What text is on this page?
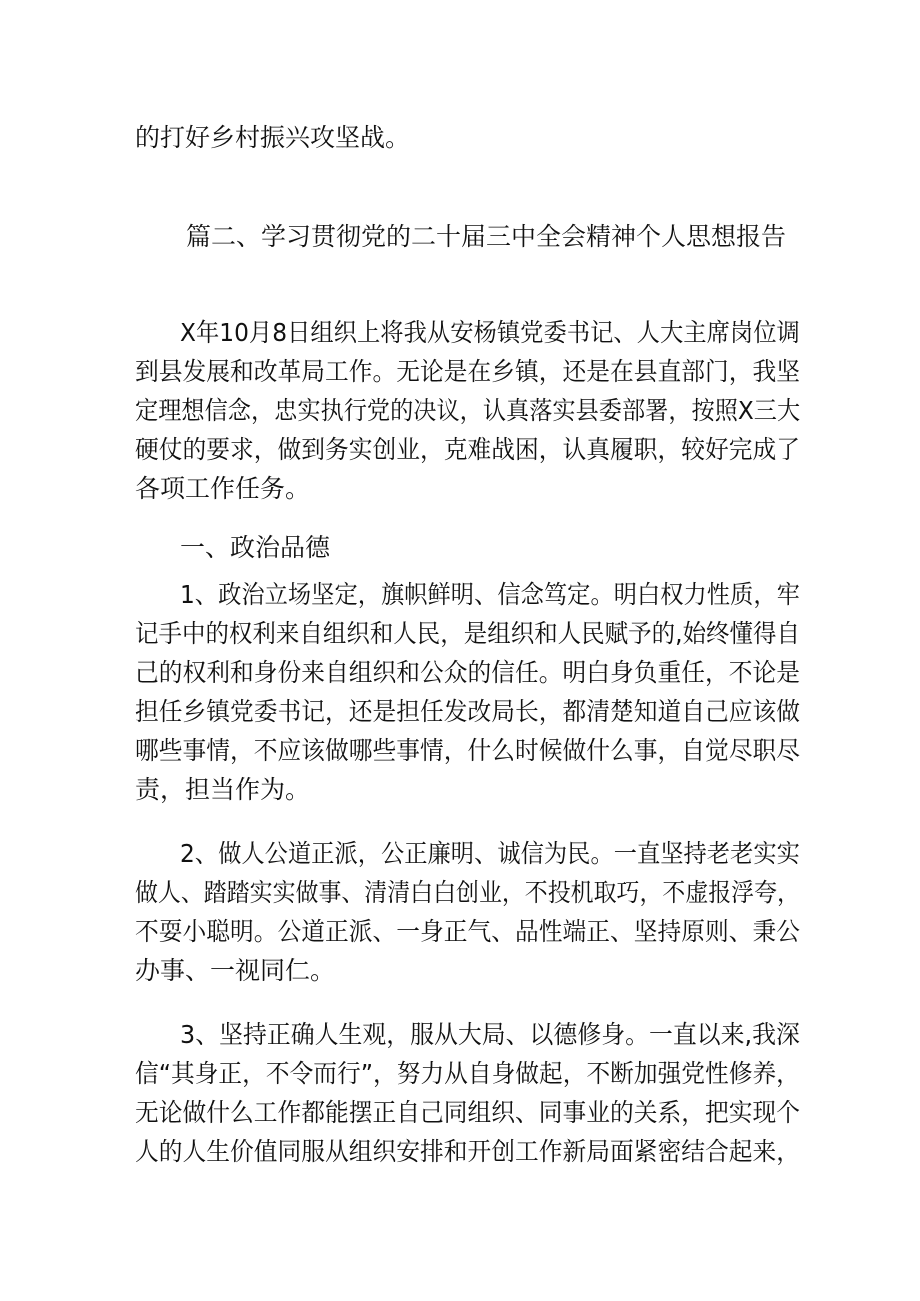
的打好乡村振兴攻坚战。
篇二、学习贯彻党的二十届三中全会精神个人思想报告
X年10月8日组织上将我从安杨镇党委书记、人大主席岗位调
到县发展和改革局工作。无论是在乡镇，还是在县直部门，我坚
定理想信念，忠实执行党的决议，认真落实县委部署，按照X三大
硬仗的要求，做到务实创业，克难战困，认真履职，较好完成了
各项工作任务。
一、政治品德
1、政治立场坚定，旗帜鲜明、信念笃定。明白权力性质，牢
记手中的权利来自组织和人民，是组织和人民赋予的,始终懂得自
己的权利和身份来自组织和公众的信任。明白身负重任，不论是
担任乡镇党委书记，还是担任发改局长，都清楚知道自己应该做
哪些事情，不应该做哪些事情，什么时候做什么事，自觉尽职尽
责，担当作为。
2、做人公道正派，公正廉明、诚信为民。一直坚持老老实实
做人、踏踏实实做事、清清白白创业，不投机取巧，不虚报浮夸，
不耍小聪明。公道正派、一身正气、品性端正、坚持原则、秉公
办事、一视同仁。
3、坚持正确人生观，服从大局、以德修身。一直以来,我深
信“其身正，不令而行”，努力从自身做起，不断加强党性修养，
无论做什么工作都能摆正自己同组织、同事业的关系，把实现个
人的人生价值同服从组织安排和开创工作新局面紧密结合起来，
